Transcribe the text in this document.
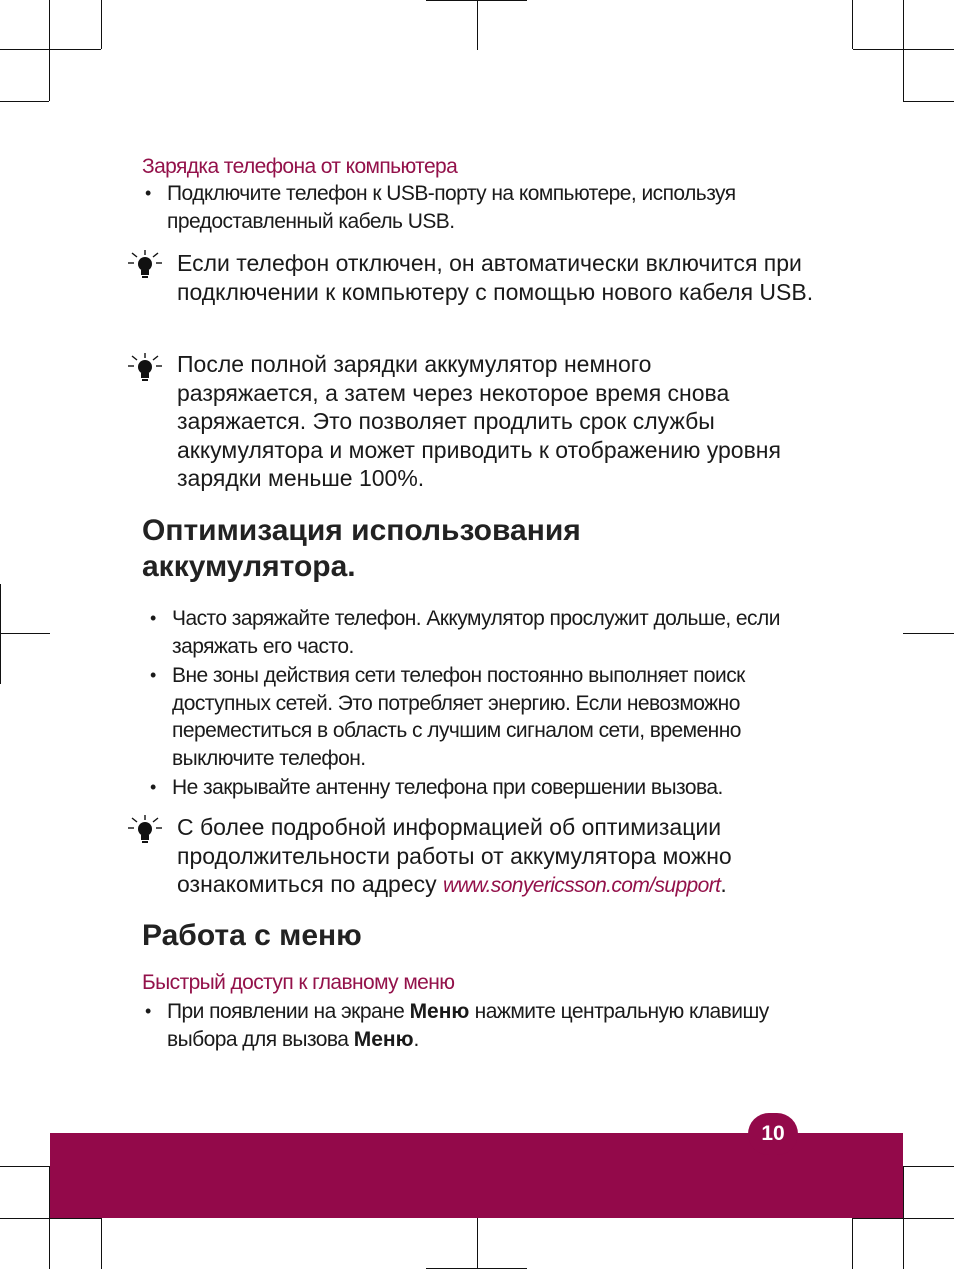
Зарядка телефона от компьютера
• Подключите телефон к USB-порту на компьютере, используя предоставленный кабель USB.
Если телефон отключен, он автоматически включится при подключении к компьютеру с помощью нового кабеля USB.
После полной зарядки аккумулятор немного разряжается, а затем через некоторое время снова заряжается. Это позволяет продлить срок службы аккумулятора и может приводить к отображению уровня зарядки меньше 100%.
Оптимизация использования аккумулятора.
• Часто заряжайте телефон. Аккумулятор прослужит дольше, если заряжать его часто.
• Вне зоны действия сети телефон постоянно выполняет поиск доступных сетей. Это потребляет энергию. Если невозможно переместиться в область с лучшим сигналом сети, временно выключите телефон.
• Не закрывайте антенну телефона при совершении вызова.
С более подробной информацией об оптимизации продолжительности работы от аккумулятора можно ознакомиться по адресу www.sonyericsson.com/support.
Работа с меню
Быстрый доступ к главному меню
• При появлении на экране Меню нажмите центральную клавишу выбора для вызова Меню.
10
